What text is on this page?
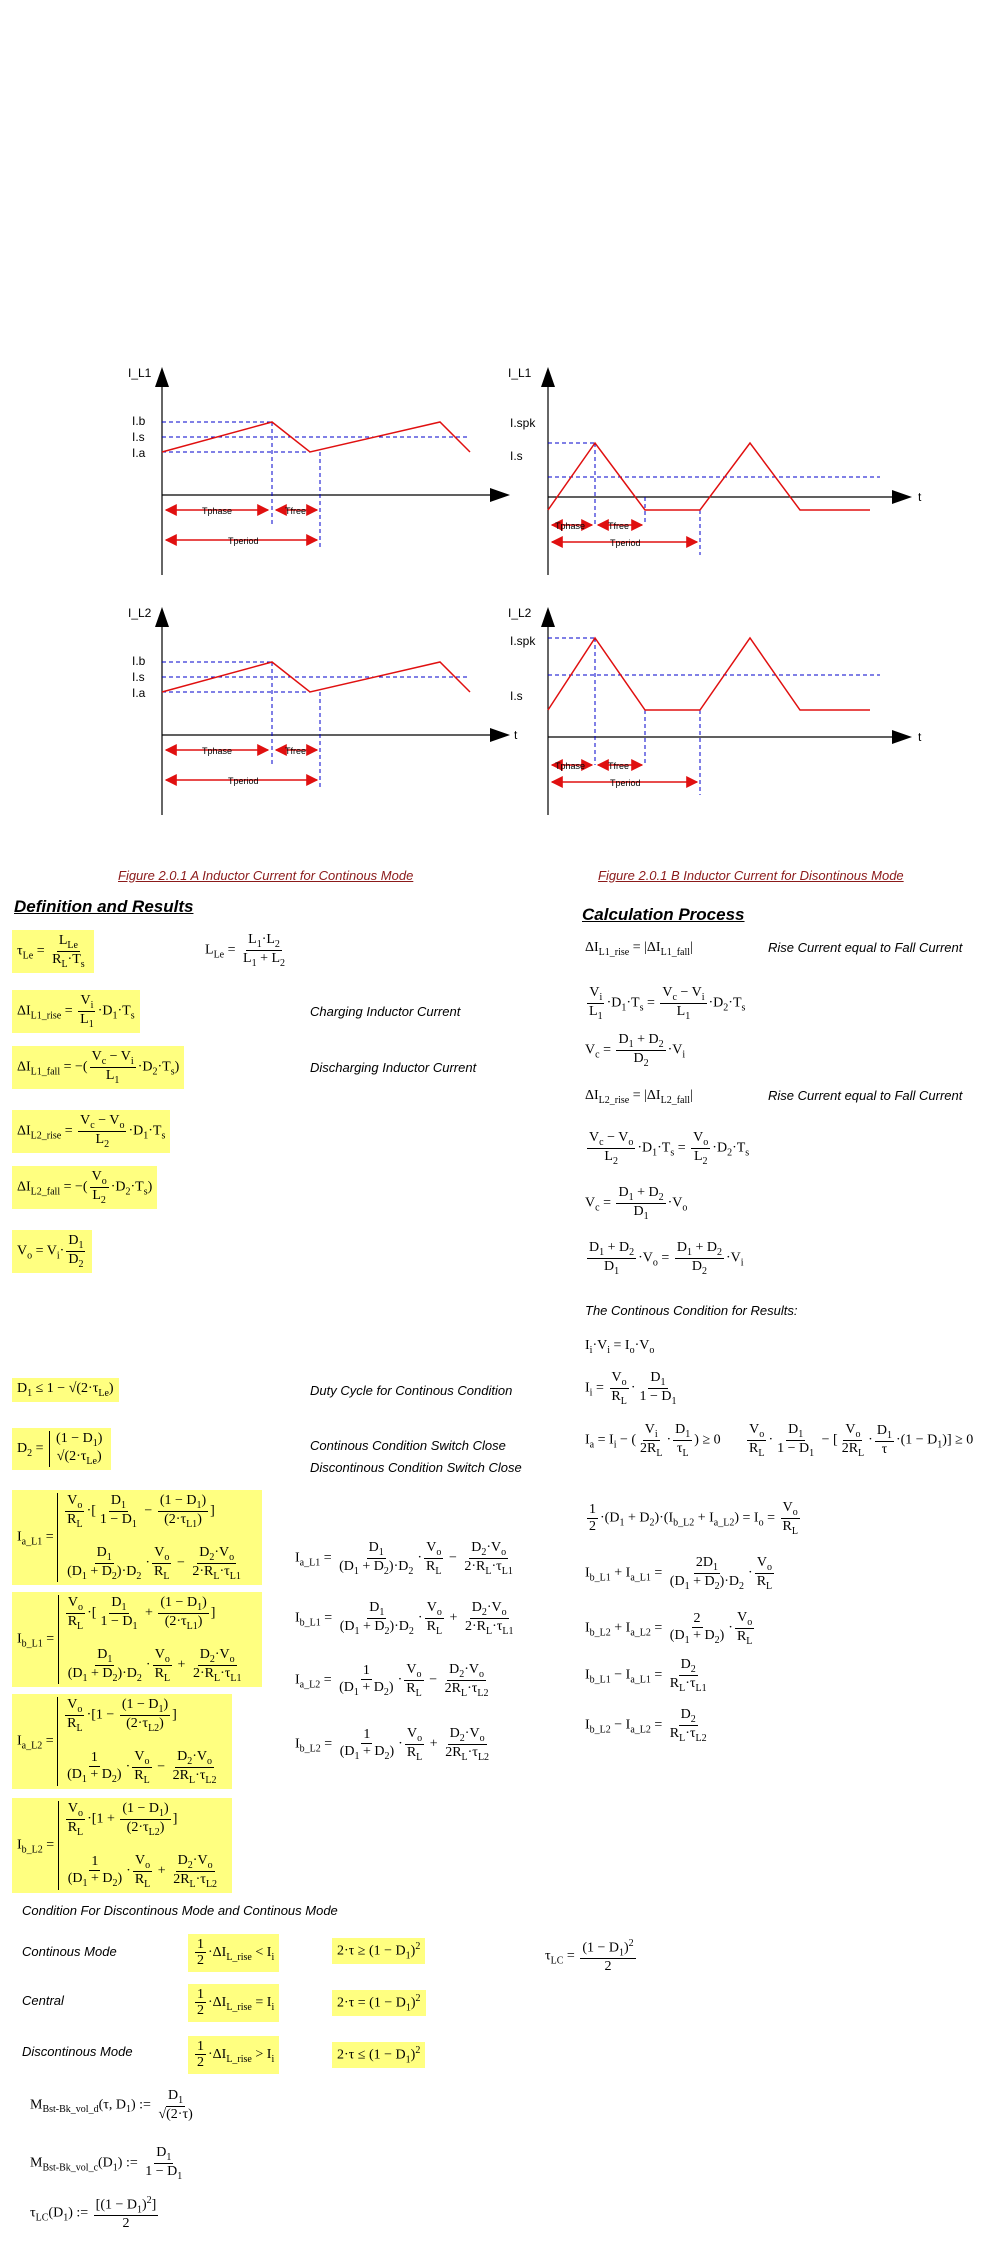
I_L1
I.b
I.s
I.a
Tphase	Tfree
Tperiod
t
I_L1
I.spk
I.s
Tphase	Tfree
Tperiod
t
I_L2
I.b
I.s
I.a
Tphase	Tfree
Tperiod
t
I_L2
I.spk
I.s
Tphase	Tfree
Tperiod
Figure 2.0.1 A Inductor Current for Continous Mode	Figure 2.0.1 B Inductor Current for Disontinous Mode
Definition and Results	Calculation Process
$\tau_{Le} = \frac{L_{Le}}{R_L\cdot T_s}$	$L_{Le} = \frac{L_1\cdot L_2}{L_1 + L_2}$
$\Delta I_{L1\_rise} = \frac{V_i}{L_1} \cdot D_1\cdot T_s$	Charging Inductor Current
$\Delta I_{L1\_fall}$ = −( $\frac{V_c - V_i}{L_1} \cdot D_2\cdot T_s$)	Discharging Inductor Current
$\Delta I_{L2\_rise} = \frac{V_c - V_o}{L_2} \cdot D_1\cdot T_s$
$\Delta I_{L2\_fall}$ = −( $\frac{V_o}{L_2} \cdot D_2\cdot T_s$)
$V_o = V_i\cdot \frac{D_1}{D_2}$
$D_1 \le 1 - √(2\cdot\tau_{Le})$	Duty Cycle for Continous Condition
$D_2$ =
$(1 - D_1)$
$√(2\cdot\tau_{Le})$
Continous Condition Switch Close
Discontinous Condition Switch Close
$I_{a\_L1}$ =
$\frac{V_o}{R_L}$ ·[ $\frac{D_1}{1 - D_1} - \frac{(1 - D_1)}{(2\cdot\tau_{L1})}$ ]

$\frac{D_1}{(D_1 + D_2)\cdot D_2} \cdot \frac{V_o}{R_L} - \frac{D_2\cdot V_o}{2\cdot R_L\cdot\tau_{L1}}$	$I_{a\_L1} = \frac{D_1}{(D_1 + D_2)\cdot D_2} \cdot \frac{V_o}{R_L} - \frac{D_2\cdot V_o}{2\cdot R_L\cdot\tau_{L1}}$
$I_{b\_L1}$ =
$\frac{V_o}{R_L}$ ·[ $\frac{D_1}{1 - D_1} + \frac{(1 - D_1)}{(2\cdot\tau_{L1})}$ ]

$\frac{D_1}{(D_1 + D_2)\cdot D_2} \cdot \frac{V_o}{R_L} + \frac{D_2\cdot V_o}{2\cdot R_L\cdot\tau_{L1}}$
$I_{b\_L1} = \frac{D_1}{(D_1 + D_2)\cdot D_2} \cdot \frac{V_o}{R_L} + \frac{D_2\cdot V_o}{2\cdot R_L\cdot\tau_{L1}}$
$I_{a\_L2}$ =
$\frac{V_o}{R_L} \cdot[1 - \frac{(1 - D_1)}{(2\cdot\tau_{L2})}$ ]

$\frac{1}{(D_1 + D_2)} \cdot \frac{V_o}{R_L} - \frac{D_2\cdot V_o}{2R_L\cdot\tau_{L2}}$
$I_{a\_L2} = \frac{1}{(D_1 + D_2)} \cdot \frac{V_o}{R_L} - \frac{D_2\cdot V_o}{2R_L\cdot\tau_{L2}}$
$I_{b\_L2}$ =
$\frac{V_o}{R_L} \cdot[1 + \frac{(1 - D_1)}{(2\cdot\tau_{L2})}$ ]

$\frac{1}{(D_1 + D_2)} \cdot \frac{V_o}{R_L} + \frac{D_2\cdot V_o}{2R_L\cdot\tau_{L2}}$
$I_{b\_L2} = \frac{1}{(D_1 + D_2)} \cdot \frac{V_o}{R_L} + \frac{D_2\cdot V_o}{2R_L\cdot\tau_{L2}}$
$\Delta I_{L1\_rise} = |\Delta I_{L1\_fall}|$	Rise Current equal to Fall Current
$\frac{V_i}{L_1} \cdot D_1\cdot T_s = \frac{V_c - V_i}{L_1} \cdot D_2\cdot T_s$
$V_c = \frac{D_1 + D_2}{D_2} \cdot V_i$
$\Delta I_{L2\_rise} = |\Delta I_{L2\_fall}|$	Rise Current equal to Fall Current
$\frac{V_c - V_o}{L_2} \cdot D_1\cdot T_s = \frac{V_o}{L_2} \cdot D_2\cdot T_s$
$V_c = \frac{D_1 + D_2}{D_1} \cdot V_o$
$\frac{D_1 + D_2}{D_1} \cdot V_o = \frac{D_1 + D_2}{D_2} \cdot V_i$
The Continous Condition for Results:
$I_i\cdot V_i = I_o\cdot V_o$
$I_i = \frac{V_o}{R_L} \cdot \frac{D_1}{1 - D_1}$
$I_a = I_i$ − ( $\frac{V_i}{2R_L} \cdot \frac{D_1}{\tau_L}$ ) ≥ $0 \frac{V_o}{R_L} \cdot \frac{D_1}{1 - D_1}$ − [ $\frac{V_o}{2R_L} \cdot \frac{D_1}{\tau} \cdot(1 - D_1)] \ge 0$
$\frac{1}{2} \cdot(D_1 + D_2)\cdot(I_{b\_L2} + I_{a\_L2}) = I_o = \frac{V_o}{R_L}$
$I_{b\_L1} + I_{a\_L1} = \frac{2D_1}{(D_1 + D_2)\cdot D_2} \cdot \frac{V_o}{R_L}$
$I_{b\_L2} + I_{a\_L2} = \frac{2}{(D_1 + D_2)} \cdot \frac{V_o}{R_L}$
$I_{b\_L1} - I_{a\_L1} = \frac{D_2}{R_L\cdot\tau_{L1}}$
$I_{b\_L2} - I_{a\_L2} = \frac{D_2}{R_L\cdot\tau_{L2}}$
Condition For Discontinous Mode and Continous Mode
Continous Mode	$\frac{1}{2} \cdot\Delta I_{L\_rise} < I_i$	$2\cdot\tau \ge (1 - D_1)^2$
$\tau_{LC} = \frac{(1 - D_1)^2}{2}$
Central	$\frac{1}{2} \cdot\Delta I_{L\_rise} = I_i$	$2\cdot\tau = (1 - D_1)^2$
Discontinous Mode	$\frac{1}{2} \cdot\Delta I_{L\_rise} > I_i$	$2\cdot\tau \le (1 - D_1)^2$
$M_{Bst-Bk\_vol\_d}(\tau$, $D_1$) := $\frac{D_1}{√(2\cdot\tau)}$
$M_{Bst-Bk\_vol\_c}(D_1)$ := $\frac{D_1}{1 - D_1}$
$\tau_{LC}(D_1)$ := $\frac{[(1 - D_1)^2]}{2}$
